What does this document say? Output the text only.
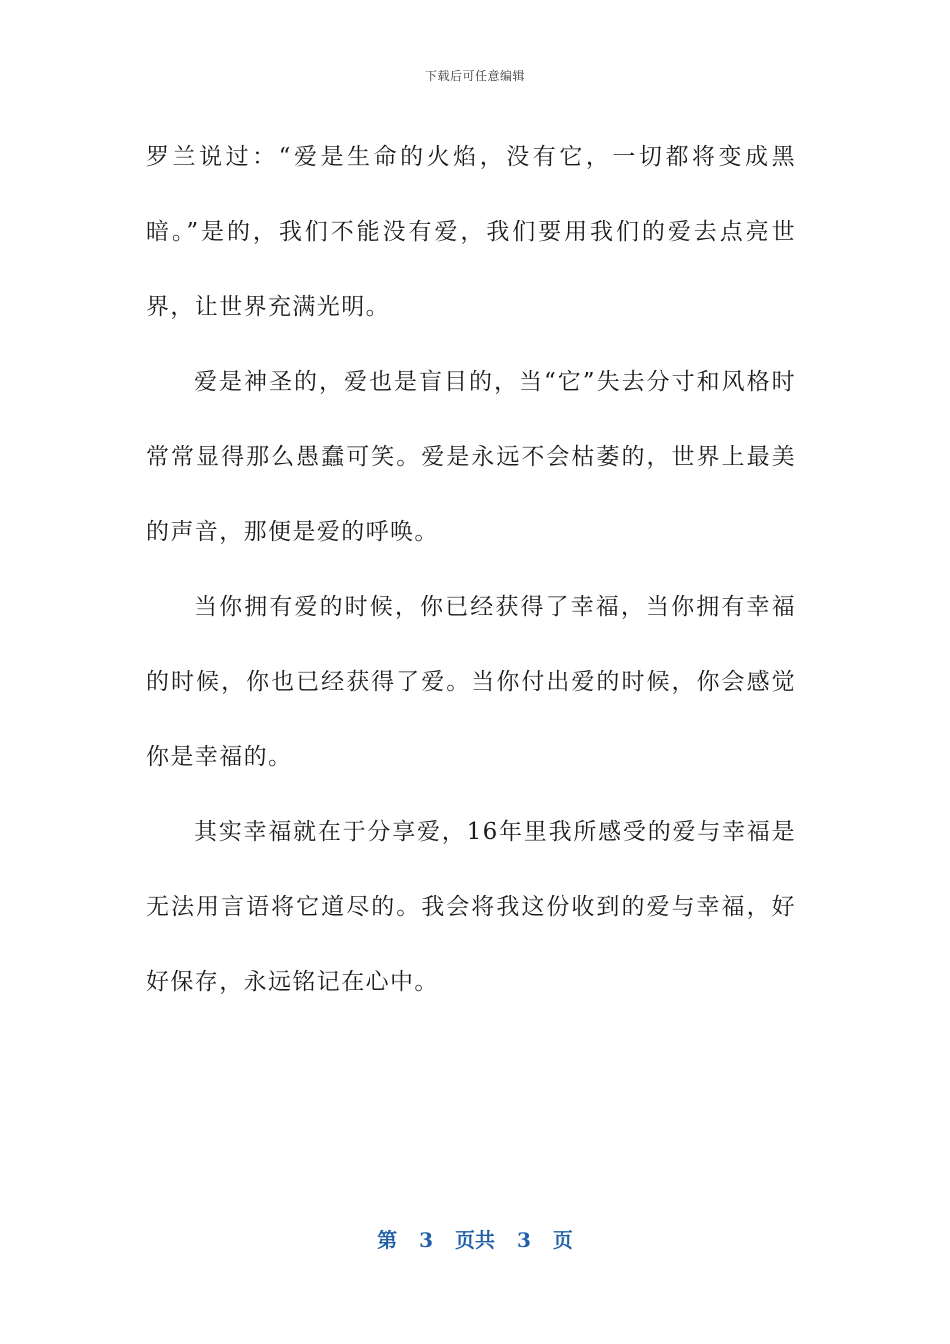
下载后可任意编辑

罗兰说过：“爱是生命的火焰，没有它，一切都将变成黑暗。”是的，我们不能没有爱，我们要用我们的爱去点亮世界，让世界充满光明。

爱是神圣的，爱也是盲目的，当“它”失去分寸和风格时常常显得那么愚蠢可笑。爱是永远不会枯萎的，世界上最美的声音，那便是爱的呼唤。

当你拥有爱的时候，你已经获得了幸福，当你拥有幸福的时候，你也已经获得了爱。当你付出爱的时候，你会感觉你是幸福的。

其实幸福就在于分享爱，16年里我所感受的爱与幸福是无法用言语将它道尽的。我会将我这份收到的爱与幸福，好好保存，永远铭记在心中。

第 3 页共 3 页
